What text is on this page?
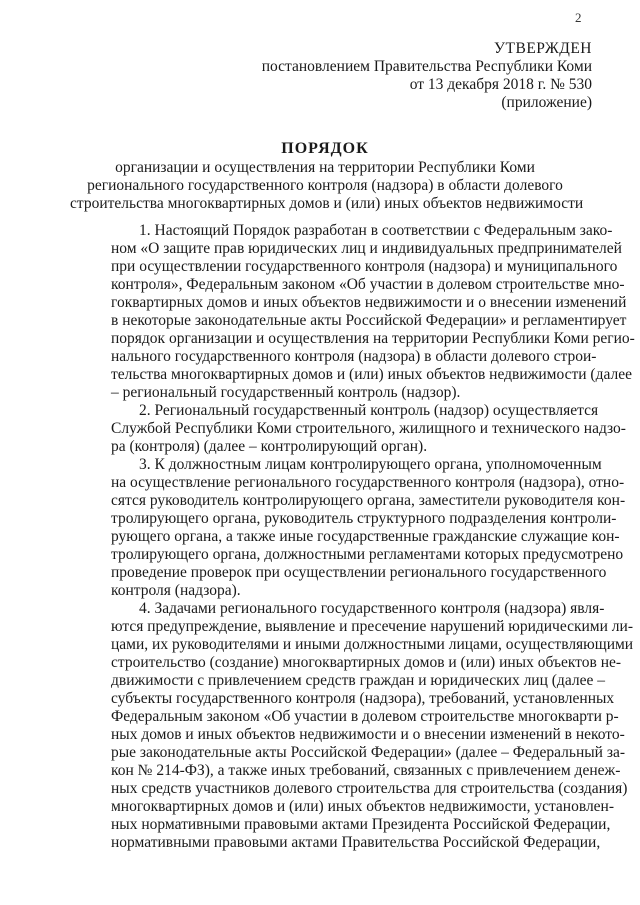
2
УТВЕРЖДЕН
постановлением Правительства Республики Коми
от 13 декабря 2018 г. № 530
(приложение)
ПОРЯДОК
организации и осуществления на территории Республики Коми
регионального государственного контроля (надзора) в области долевого
строительства многоквартирных домов и (или) иных объектов недвижимости
1. Настоящий Порядок разработан в соответствии с Федеральным зако-
ном «О защите прав юридических лиц и индивидуальных предпринимателей
при осуществлении государственного контроля (надзора) и муниципального
контроля», Федеральным законом «Об участии в долевом строительстве мно-
гоквартирных домов и иных объектов недвижимости и о внесении изменений
в некоторые законодательные акты Российской Федерации» и регламентирует
порядок организации и осуществления на территории Республики Коми регио-
нального государственного контроля (надзора) в области долевого строи-
тельства многоквартирных домов и (или) иных объектов недвижимости (далее
– региональный государственный контроль (надзор).
2. Региональный государственный контроль (надзор) осуществляется
Службой Республики Коми строительного, жилищного и технического надзо-
ра (контроля) (далее – контролирующий орган).
3. К должностным лицам контролирующего органа, уполномоченным
на осуществление регионального государственного контроля (надзора), отно-
сятся руководитель контролирующего органа, заместители руководителя кон-
тролирующего органа, руководитель структурного подразделения контроли-
рующего органа, а также иные государственные гражданские служащие кон-
тролирующего органа, должностными регламентами которых предусмотрено
проведение проверок при осуществлении регионального государственного
контроля (надзора).
4. Задачами регионального государственного контроля (надзора) явля-
ются предупреждение, выявление и пресечение нарушений юридическими ли-
цами, их руководителями и иными должностными лицами, осуществляющими
строительство (создание) многоквартирных домов и (или) иных объектов не-
движимости с привлечением средств граждан и юридических лиц (далее –
субъекты государственного контроля (надзора), требований, установленных
Федеральным законом «Об участии в долевом строительстве многокварти р-
ных домов и иных объектов недвижимости и о внесении изменений в некото-
рые законодательные акты Российской Федерации» (далее – Федеральный за-
кон № 214-ФЗ), а также иных требований, связанных с привлечением денеж-
ных средств участников долевого строительства для строительства (создания)
многоквартирных домов и (или) иных объектов недвижимости, установлен-
ных нормативными правовыми актами Президента Российской Федерации,
нормативными правовыми актами Правительства Российской Федерации,
